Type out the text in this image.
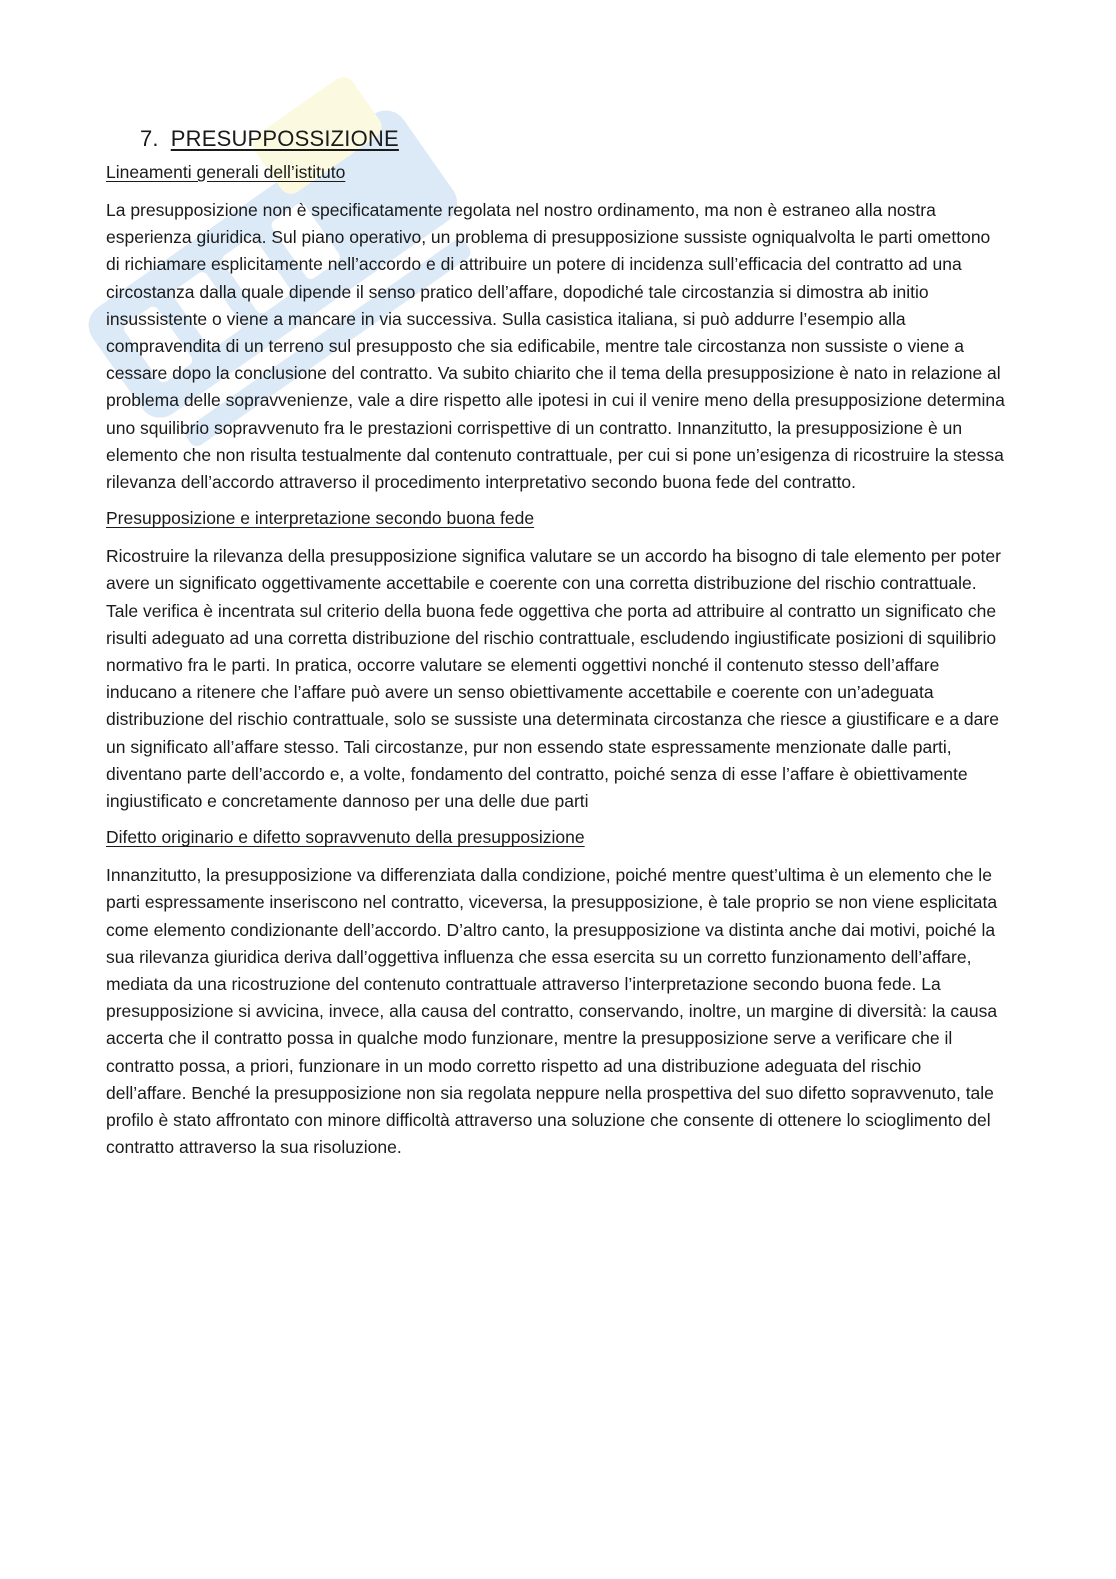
7. PRESUPPOSSIZIONE
Lineamenti generali dell’istituto

La presupposizione non è specificatamente regolata nel nostro ordinamento, ma non è estraneo alla nostra esperienza giuridica. Sul piano operativo, un problema di presupposizione sussiste ogniqualvolta le parti omettono di richiamare esplicitamente nell’accordo e di attribuire un potere di incidenza sull’efficacia del contratto ad una circostanza dalla quale dipende il senso pratico dell’affare, dopodiché tale circostanzia si dimostra ab initio insussistente o viene a mancare in via successiva. Sulla casistica italiana, si può addurre l’esempio alla compravendita di un terreno sul presupposto che sia edificabile, mentre tale circostanza non sussiste o viene a cessare dopo la conclusione del contratto. Va subito chiarito che il tema della presupposizione è nato in relazione al problema delle sopravvenienze, vale a dire rispetto alle ipotesi in cui il venire meno della presupposizione determina uno squilibrio sopravvenuto fra le prestazioni corrispettive di un contratto. Innanzitutto, la presupposizione è un elemento che non risulta testualmente dal contenuto contrattuale, per cui si pone un’esigenza di ricostruire la stessa rilevanza dell’accordo attraverso il procedimento interpretativo secondo buona fede del contratto.

Presupposizione e interpretazione secondo buona fede

Ricostruire la rilevanza della presupposizione significa valutare se un accordo ha bisogno di tale elemento per poter avere un significato oggettivamente accettabile e coerente con una corretta distribuzione del rischio contrattuale. Tale verifica è incentrata sul criterio della buona fede oggettiva che porta ad attribuire al contratto un significato che risulti adeguato ad una corretta distribuzione del rischio contrattuale, escludendo ingiustificate posizioni di squilibrio normativo fra le parti. In pratica, occorre valutare se elementi oggettivi nonché il contenuto stesso dell’affare inducano a ritenere che l’affare può avere un senso obiettivamente accettabile e coerente con un’adeguata distribuzione del rischio contrattuale, solo se sussiste una determinata circostanza che riesce a giustificare e a dare un significato all’affare stesso. Tali circostanze, pur non essendo state espressamente menzionate dalle parti, diventano parte dell’accordo e, a volte, fondamento del contratto, poiché senza di esse l’affare è obiettivamente ingiustificato e concretamente dannoso per una delle due parti

Difetto originario e difetto sopravvenuto della presupposizione

Innanzitutto, la presupposizione va differenziata dalla condizione, poiché mentre quest’ultima è un elemento che le parti espressamente inseriscono nel contratto, viceversa, la presupposizione, è tale proprio se non viene esplicitata come elemento condizionante dell’accordo. D’altro canto, la presupposizione va distinta anche dai motivi, poiché la sua rilevanza giuridica deriva dall’oggettiva influenza che essa esercita su un corretto funzionamento dell’affare, mediata da una ricostruzione del contenuto contrattuale attraverso l’interpretazione secondo buona fede. La presupposizione si avvicina, invece, alla causa del contratto, conservando, inoltre, un margine di diversità: la causa accerta che il contratto possa in qualche modo funzionare, mentre la presupposizione serve a verificare che il contratto possa, a priori, funzionare in un modo corretto rispetto ad una distribuzione adeguata del rischio dell’affare. Benché la presupposizione non sia regolata neppure nella prospettiva del suo difetto sopravvenuto, tale profilo è stato affrontato con minore difficoltà attraverso una soluzione che consente di ottenere lo scioglimento del contratto attraverso la sua risoluzione.
